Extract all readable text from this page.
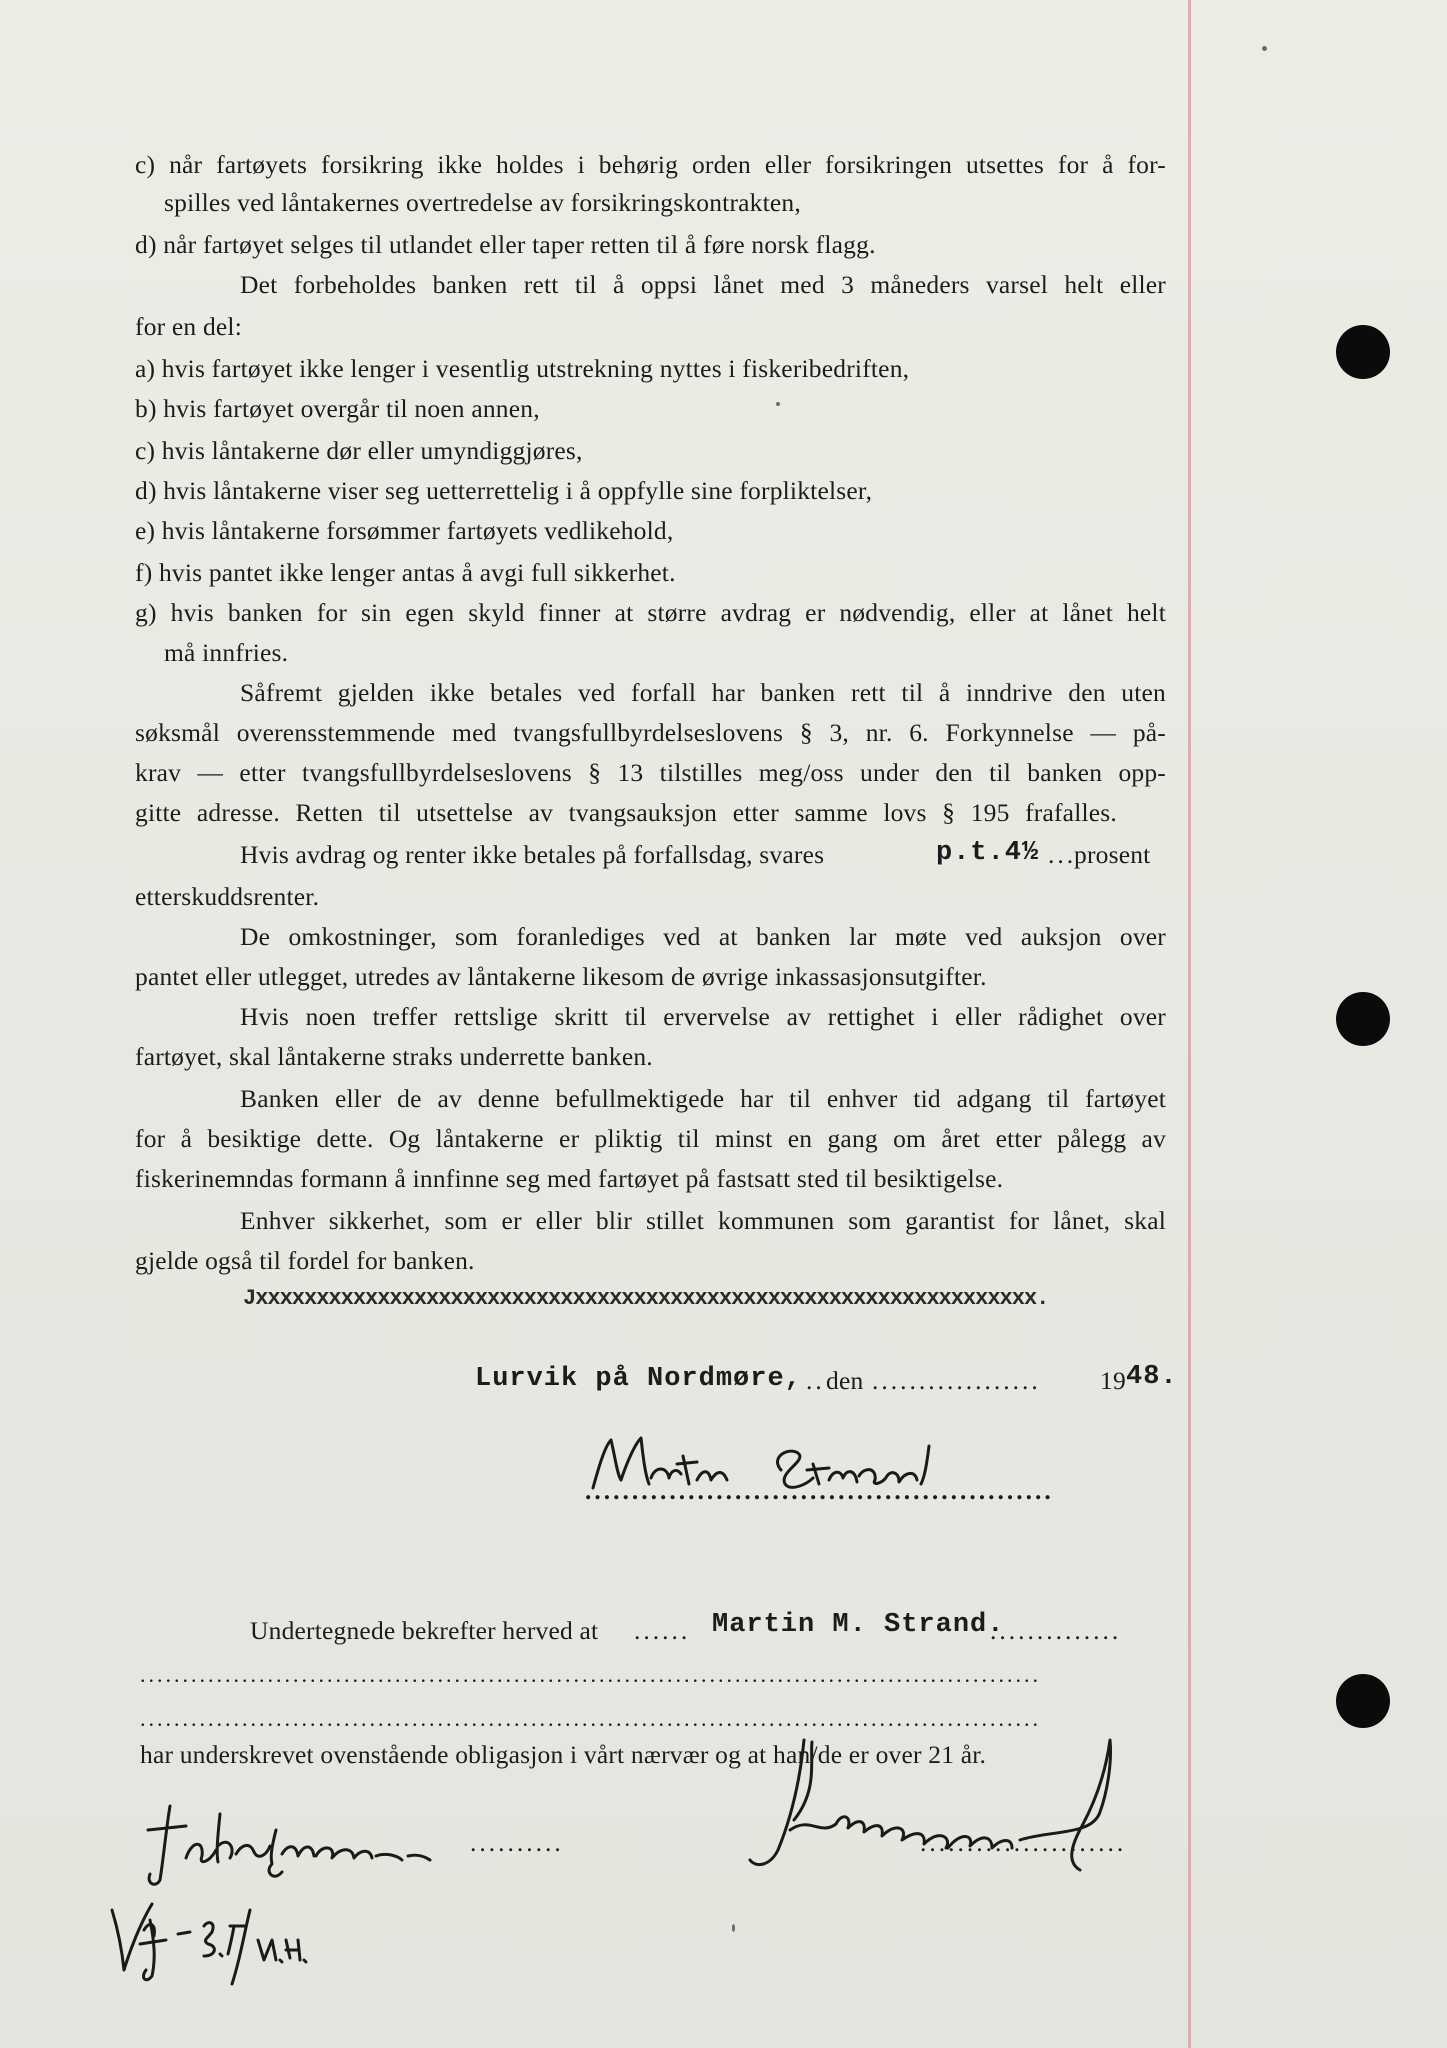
c) når fartøyets forsikring ikke holdes i behørig orden eller forsikringen utsettes for å for-
spilles ved låntakernes overtredelse av forsikringskontrakten,
d) når fartøyet selges til utlandet eller taper retten til å føre norsk flagg.
Det forbeholdes banken rett til å oppsi lånet med 3 måneders varsel helt eller
for en del:
a) hvis fartøyet ikke lenger i vesentlig utstrekning nyttes i fiskeribedriften,
b) hvis fartøyet overgår til noen annen,
c) hvis låntakerne dør eller umyndiggjøres,
d) hvis låntakerne viser seg uetterrettelig i å oppfylle sine forpliktelser,
e) hvis låntakerne forsømmer fartøyets vedlikehold,
f) hvis pantet ikke lenger antas å avgi full sikkerhet.
g) hvis banken for sin egen skyld finner at større avdrag er nødvendig, eller at lånet helt
må innfries.
Såfremt gjelden ikke betales ved forfall har banken rett til å inndrive den uten
søksmål overensstemmende med tvangsfullbyrdelseslovens § 3, nr. 6. Forkynnelse — på-
krav — etter tvangsfullbyrdelseslovens § 13 tilstilles meg/oss under den til banken opp-
gitte adresse. Retten til utsettelse av tvangsauksjon etter samme lovs § 195 frafalles.
Hvis avdrag og renter ikke betales på forfallsdag, svares	p.t.4½ ...
prosent
etterskuddsrenter.
De omkostninger, som foranlediges ved at banken lar møte ved auksjon over
pantet eller utlegget, utredes av låntakerne likesom de øvrige inkassasjonsutgifter.
Hvis noen treffer rettslige skritt til ervervelse av rettighet i eller rådighet over
fartøyet, skal låntakerne straks underrette banken.
Banken eller de av denne befullmektigede har til enhver tid adgang til fartøyet
for å besiktige dette. Og låntakerne er pliktig til minst en gang om året etter pålegg av
fiskerinemndas formann å innfinne seg med fartøyet på fastsatt sted til besiktigelse.
Enhver sikkerhet, som er eller blir stillet kommunen som garantist for lånet, skal
gjelde også til fordel for banken.
Jxxxxxxxxxxxxxxxxxxxxxxxxxxxxxxxxxxxxxxxxxxxxxxxxxxxxxxxxxxxxxxxx.
Lurvik på Nordmøre, .. den .................. 19 48.
..................................................
Undertegnede bekrefter herved at ...... Martin M. Strand.
..............
..........................................................................................................
..........................................................................................................
har underskrevet ovenstående obligasjon i vårt nærvær og at han/de er over 21 år.
..........	......................
